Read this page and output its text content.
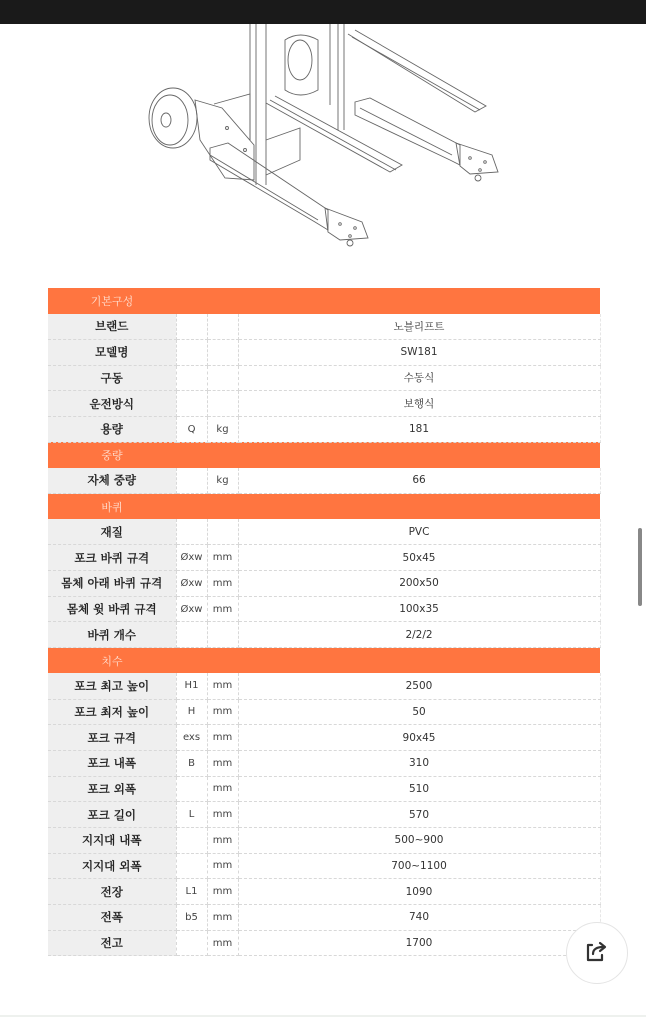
기본구성			
브랜드			노블리프트
모델명			SW181
구동			수동식
운전방식			보행식
용량	Q	kg	181
중량			
자체 중량		kg	66
바퀴			
재질			PVC
포크 바퀴 규격	Øxw	mm	50x45
몸체 아래 바퀴 규격	Øxw	mm	200x50
몸체 윗 바퀴 규격	Øxw	mm	100x35
바퀴 개수			2/2/2
치수			
포크 최고 높이	H1	mm	2500
포크 최저 높이	H	mm	50
포크 규격	exs	mm	90x45
포크 내폭	B	mm	310
포크 외폭		mm	510
포크 길이	L	mm	570
지지대 내폭		mm	500~900
지지대 외폭		mm	700~1100
전장	L1	mm	1090
전폭	b5	mm	740
전고		mm	1700
